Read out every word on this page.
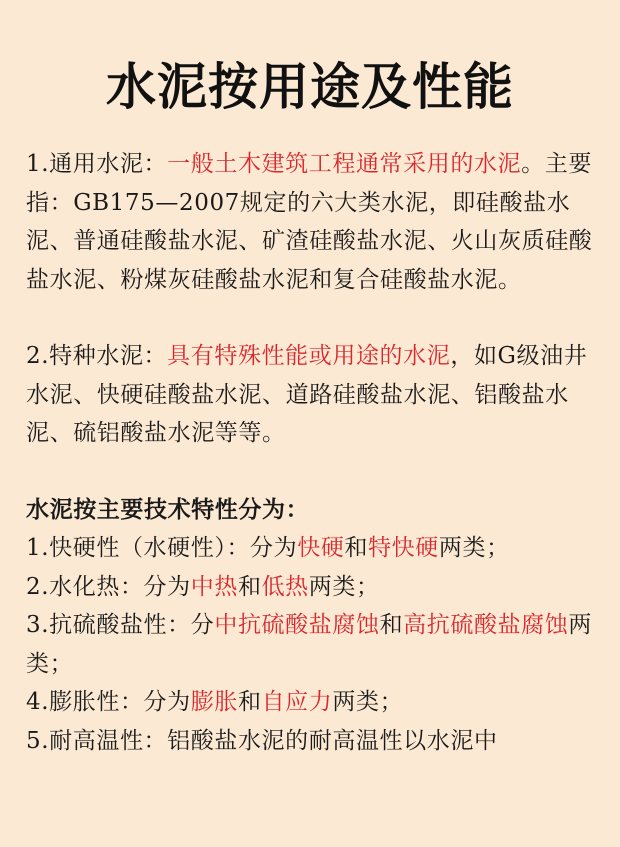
水泥按用途及性能

1.通用水泥：一般土木建筑工程通常采用的水泥。主要指：GB175—2007规定的六大类水泥，即硅酸盐水泥、普通硅酸盐水泥、矿渣硅酸盐水泥、火山灰质硅酸盐水泥、粉煤灰硅酸盐水泥和复合硅酸盐水泥。

2.特种水泥：具有特殊性能或用途的水泥，如G级油井水泥、快硬硅酸盐水泥、道路硅酸盐水泥、铝酸盐水泥、硫铝酸盐水泥等等。

水泥按主要技术特性分为：

1.快硬性（水硬性）：分为快硬和特快硬两类；

2.水化热：分为中热和低热两类；

3.抗硫酸盐性：分中抗硫酸盐腐蚀和高抗硫酸盐腐蚀两类；

4.膨胀性：分为膨胀和自应力两类；

5.耐高温性：铝酸盐水泥的耐高温性以水泥中
